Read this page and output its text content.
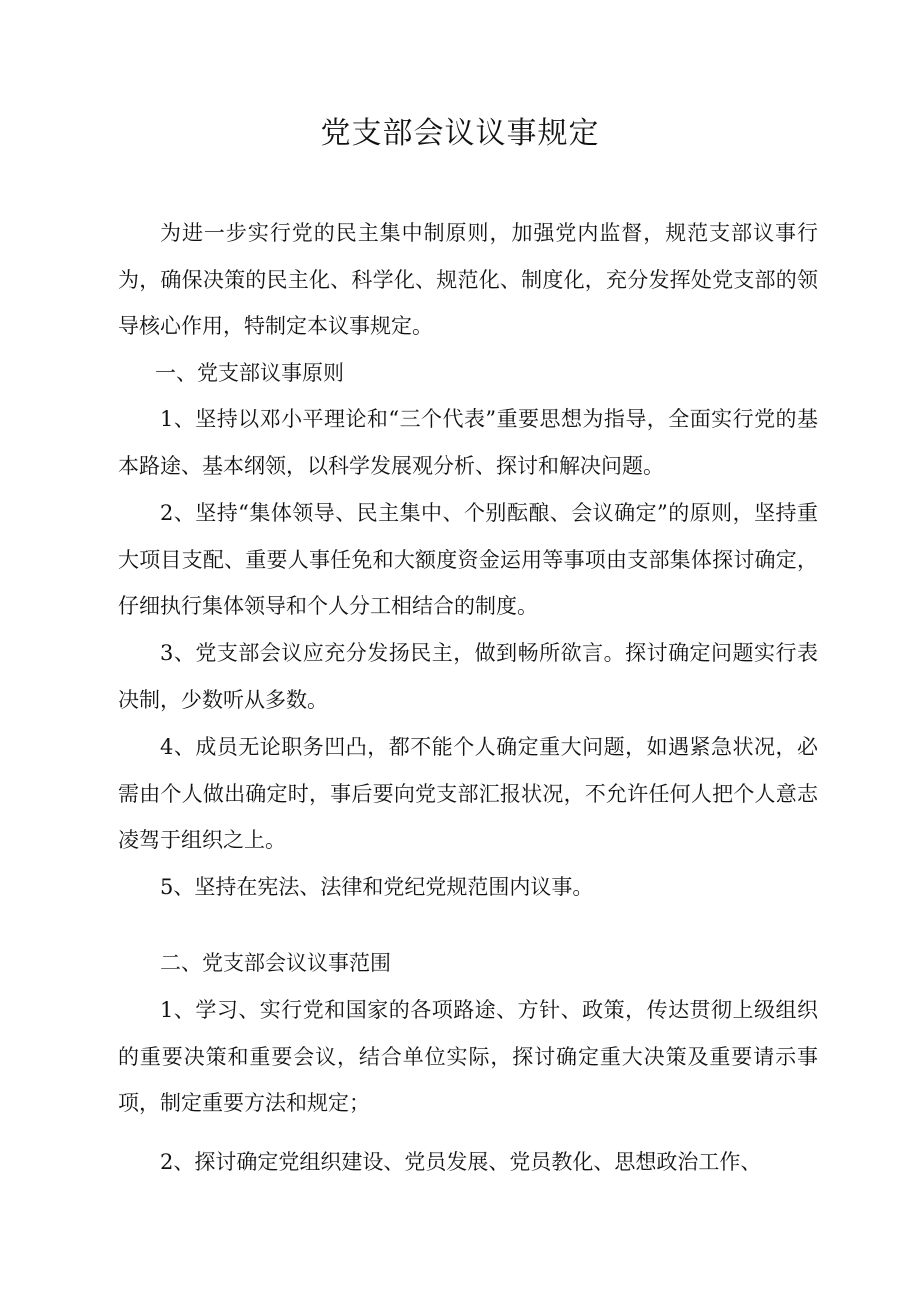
党支部会议议事规定

为进一步实行党的民主集中制原则，加强党内监督，规范支部议事行为，确保决策的民主化、科学化、规范化、制度化，充分发挥处党支部的领导核心作用，特制定本议事规定。

一、党支部议事原则

1、坚持以邓小平理论和“三个代表”重要思想为指导，全面实行党的基本路途、基本纲领，以科学发展观分析、探讨和解决问题。

2、坚持“集体领导、民主集中、个别酝酿、会议确定”的原则，坚持重大项目支配、重要人事任免和大额度资金运用等事项由支部集体探讨确定，仔细执行集体领导和个人分工相结合的制度。

3、党支部会议应充分发扬民主，做到畅所欲言。探讨确定问题实行表决制，少数听从多数。

4、成员无论职务凹凸，都不能个人确定重大问题，如遇紧急状况，必需由个人做出确定时，事后要向党支部汇报状况，不允许任何人把个人意志凌驾于组织之上。

5、坚持在宪法、法律和党纪党规范围内议事。

二、党支部会议议事范围

1、学习、实行党和国家的各项路途、方针、政策，传达贯彻上级组织的重要决策和重要会议，结合单位实际，探讨确定重大决策及重要请示事项，制定重要方法和规定；

2、探讨确定党组织建设、党员发展、党员教化、思想政治工作、
